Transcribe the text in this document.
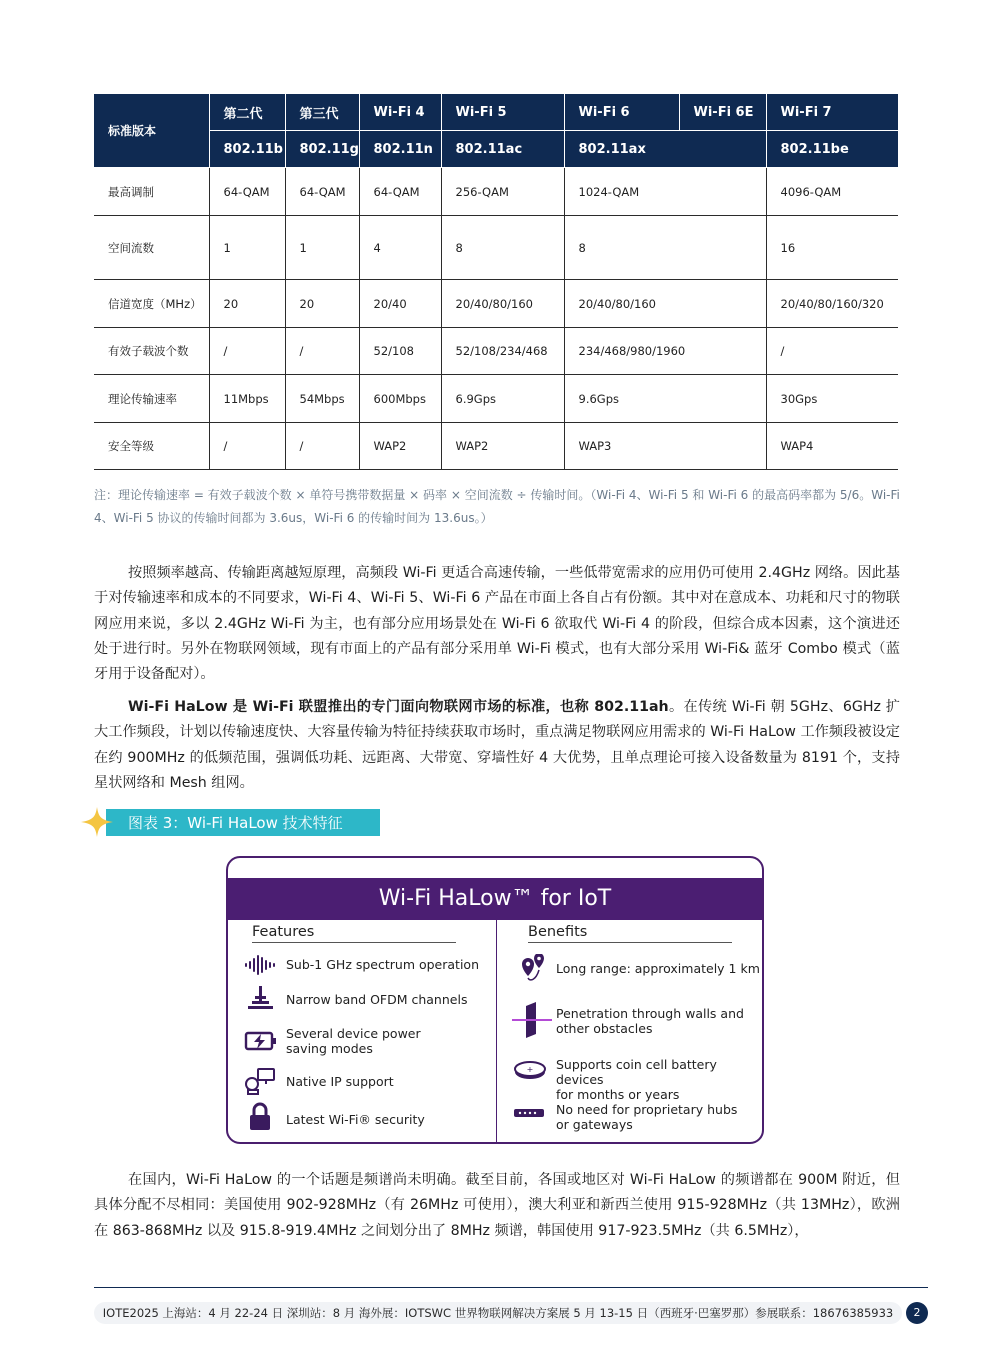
标准版本	第二代	第三代	Wi-Fi 4	Wi-Fi 5	Wi-Fi 6	Wi-Fi 6E	Wi-Fi 7
	802.11b	802.11g	802.11n	802.11ac	802.11ax		802.11be
最高调制	64-QAM	64-QAM	64-QAM	256-QAM	1024-QAM		4096-QAM
空间流数	1	1	4	8	8		16
信道宽度（MHz）	20	20	20/40	20/40/80/160	20/40/80/160		20/40/80/160/320
有效子载波个数	/	/	52/108	52/108/234/468	234/468/980/1960		/
理论传输速率	11Mbps	54Mbps	600Mbps	6.9Gps	9.6Gps		30Gps
安全等级	/	/	WAP2	WAP2	WAP3		WAP4
注：理论传输速率 = 有效子载波个数 × 单符号携带数据量 × 码率 × 空间流数 ÷ 传输时间。（Wi-Fi 4、Wi-Fi 5 和 Wi-Fi 6 的最高码率都为 5/6。Wi-Fi 4、Wi-Fi 5 协议的传输时间都为 3.6us，Wi-Fi 6 的传输时间为 13.6us。）

按照频率越高、传输距离越短原理，高频段 Wi-Fi 更适合高速传输，一些低带宽需求的应用仍可使用 2.4GHz 网络。因此基于对传输速率和成本的不同要求，Wi-Fi 4、Wi-Fi 5、Wi-Fi 6 产品在市面上各自占有份额。其中对在意成本、功耗和尺寸的物联网应用来说，多以 2.4GHz Wi-Fi 为主，也有部分应用场景处在 Wi-Fi 6 欲取代 Wi-Fi 4 的阶段，但综合成本因素，这个演进还处于进行时。另外在物联网领域，现有市面上的产品有部分采用单 Wi-Fi 模式，也有大部分采用 Wi-Fi& 蓝牙 Combo 模式（蓝牙用于设备配对）。

Wi-Fi HaLow 是 Wi-Fi 联盟推出的专门面向物联网市场的标准，也称 802.11ah。在传统 Wi-Fi 朝 5GHz、6GHz 扩大工作频段，计划以传输速度快、大容量传输为特征持续获取市场时，重点满足物联网应用需求的 Wi-Fi HaLow 工作频段被设定在约 900MHz 的低频范围，强调低功耗、远距离、大带宽、穿墙性好 4 大优势，且单点理论可接入设备数量为 8191 个，支持星状网络和 Mesh 组网。

图表 3：Wi-Fi HaLow 技术特征
Wi-Fi HaLow™ for IoT
Features	Benefits
Sub-1 GHz spectrum operation
Narrow band OFDM channels
Several device power
saving modes
Native IP support
Latest Wi-Fi® security
Long range: approximately 1 km
Penetration through walls and
other obstacles
+ Supports coin cell battery devices
for months or years
No need for proprietary hubs
or gateways

在国内，Wi-Fi HaLow 的一个话题是频谱尚未明确。截至目前，各国或地区对 Wi-Fi HaLow 的频谱都在 900M 附近，但具体分配不尽相同：美国使用 902-928MHz（有 26MHz 可使用），澳大利亚和新西兰使用 915-928MHz（共 13MHz），欧洲在 863-868MHz 以及 915.8-919.4MHz 之间划分出了 8MHz 频谱，韩国使用 917-923.5MHz（共 6.5MHz），

IOTE2025 上海站：4 月 22-24 日 深圳站：8 月 海外展：IOTSWC 世界物联网解决方案展 5 月 13-15 日（西班牙·巴塞罗那）参展联系：18676385933	2
